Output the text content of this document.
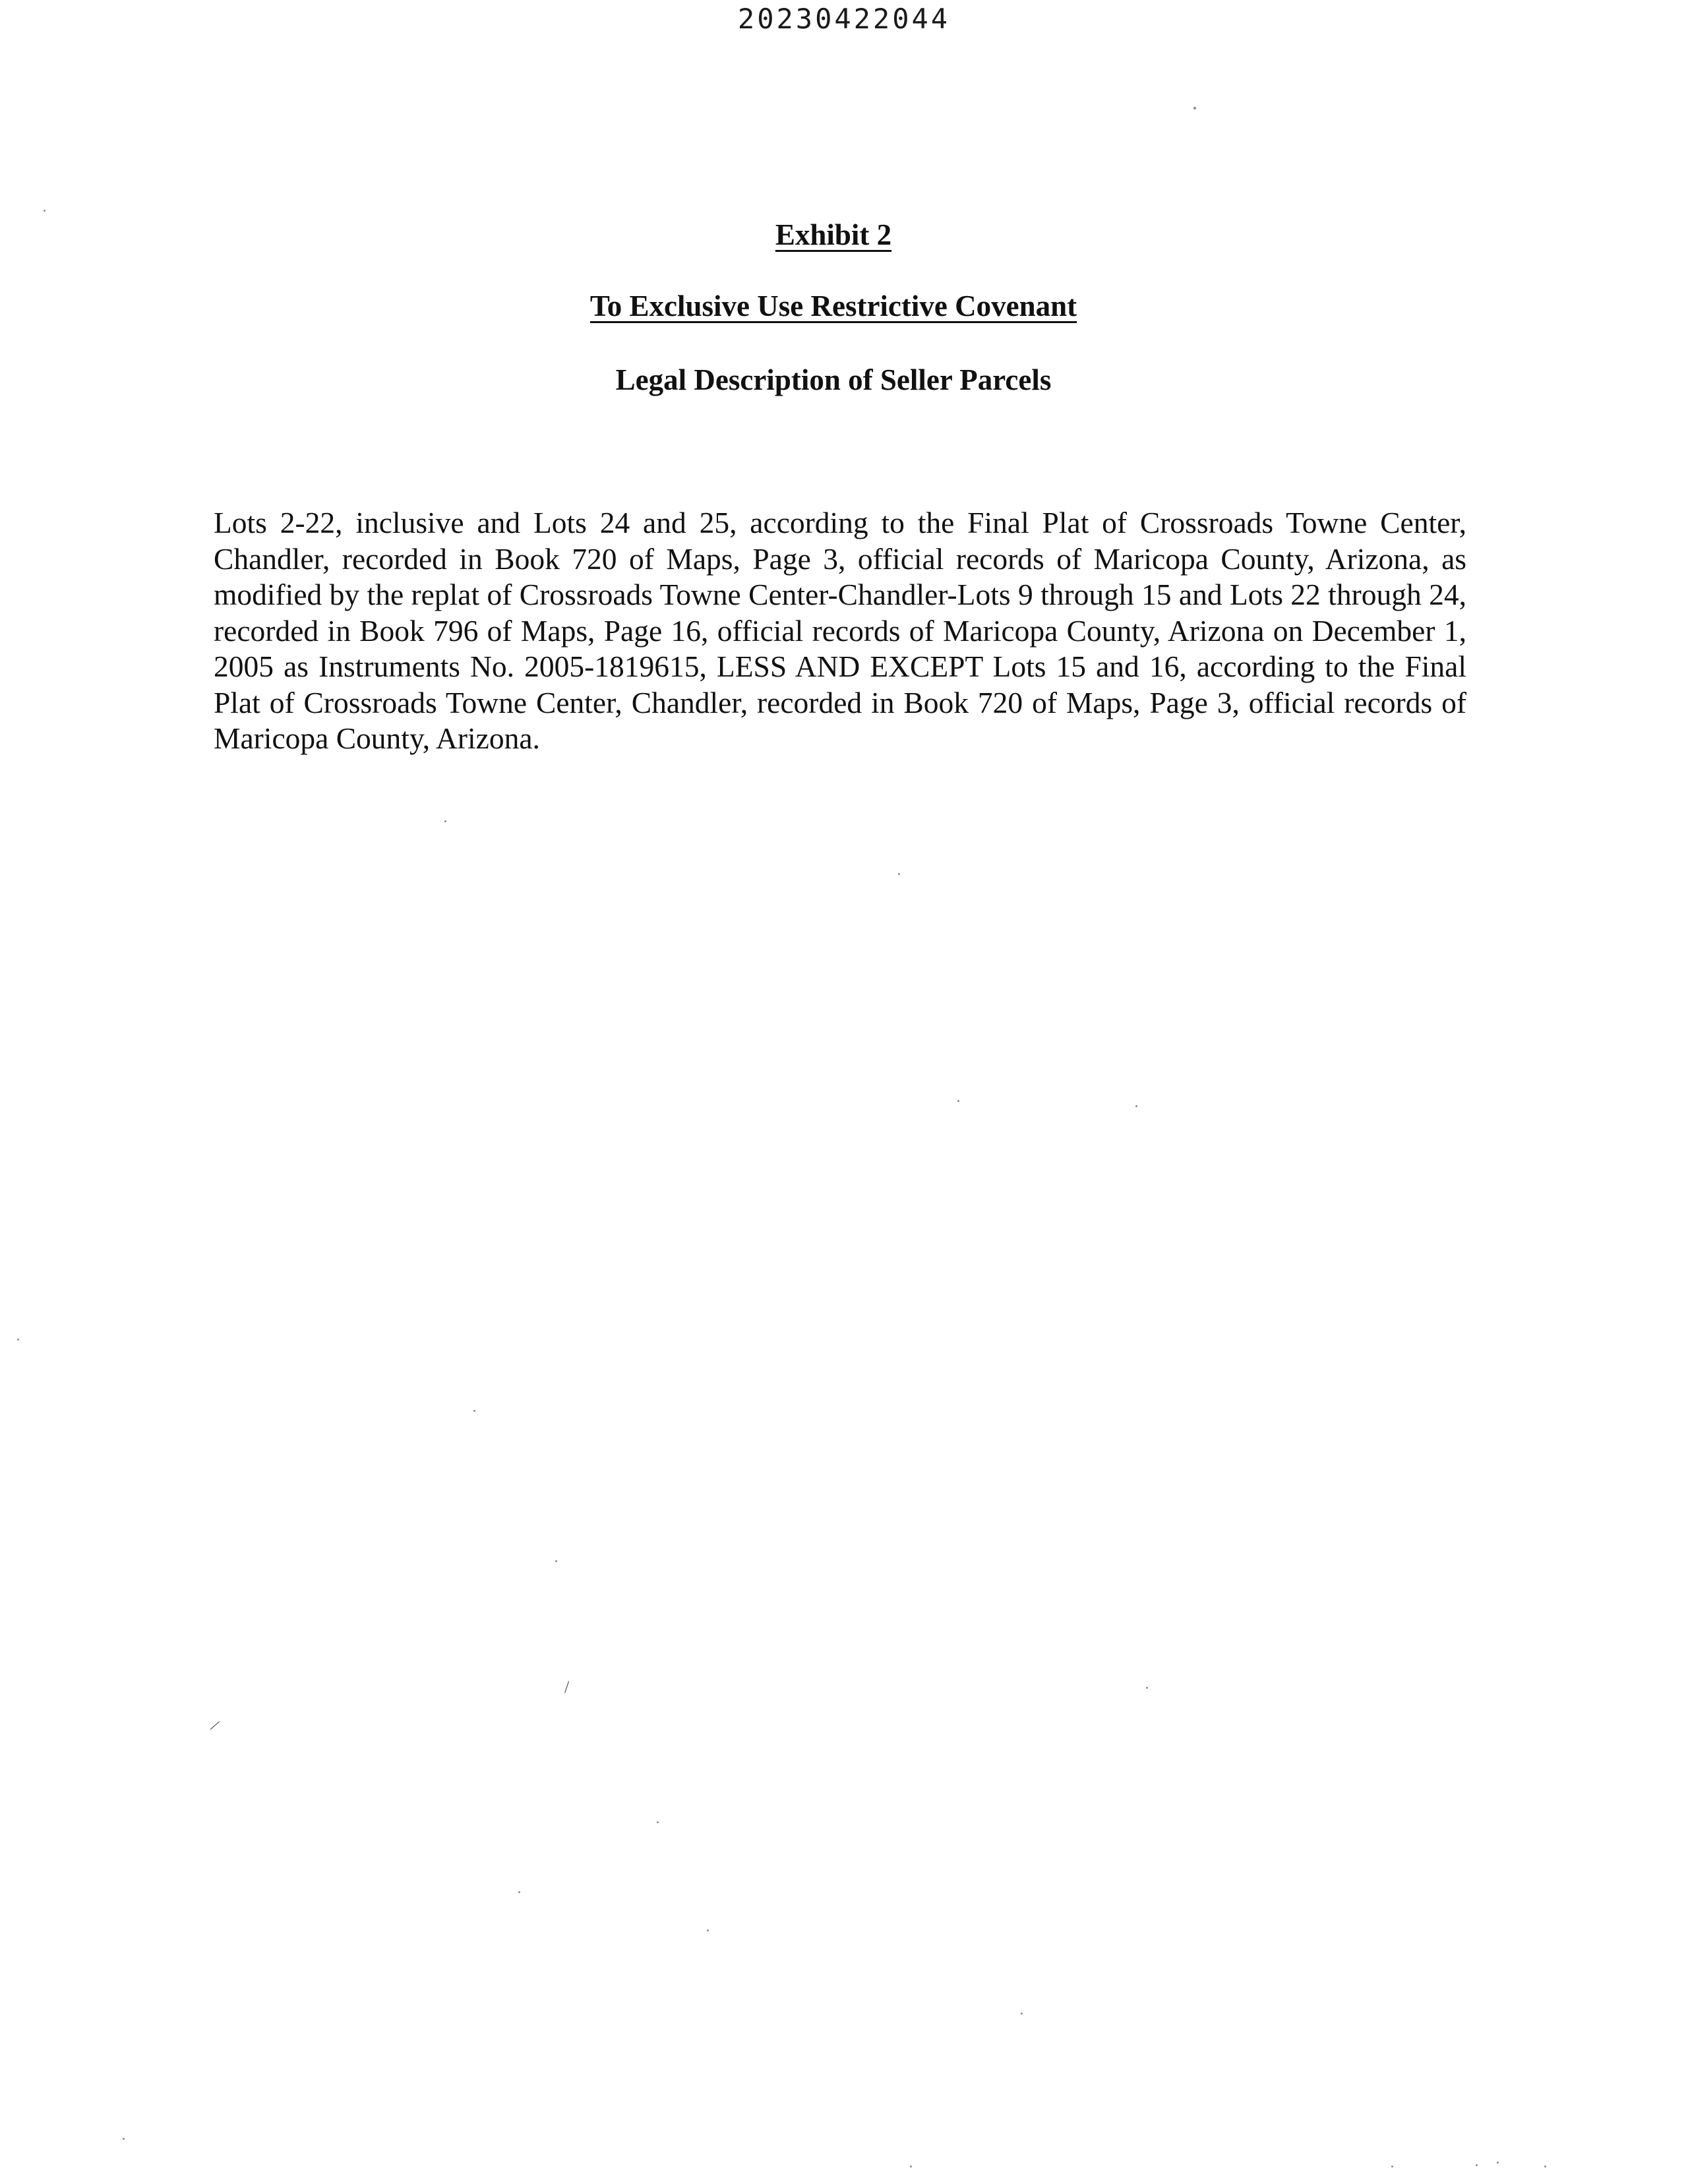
20230422044
Exhibit 2
To Exclusive Use Restrictive Covenant
Legal Description of Seller Parcels

Lots 2-22, inclusive and Lots 24 and 25, according to the Final Plat of Crossroads Towne Center, Chandler, recorded in Book 720 of Maps, Page 3, official records of Maricopa County, Arizona, as modified by the replat of Crossroads Towne Center-Chandler-Lots 9 through 15 and Lots 22 through 24, recorded in Book 796 of Maps, Page 16, official records of Maricopa County, Arizona on December 1, 2005 as Instruments No. 2005-1819615, LESS AND EXCEPT Lots 15 and 16, according to the Final Plat of Crossroads Towne Center, Chandler, recorded in Book 720 of Maps, Page 3, official records of Maricopa County, Arizona.

/
/
